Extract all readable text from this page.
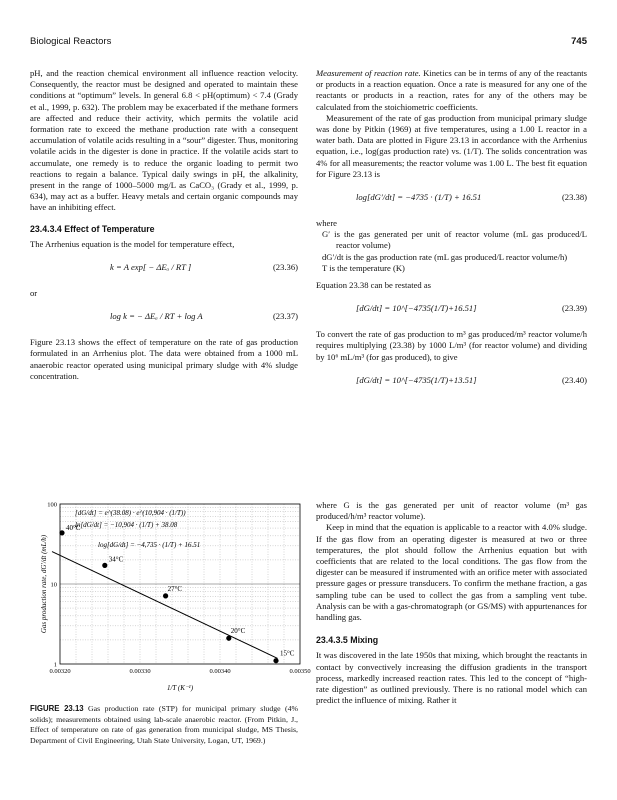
Biological Reactors	745

pH, and the reaction chemical environment all influence reaction velocity. Consequently, the reactor must be designed and operated to maintain these conditions at “optimum” levels. In general 6.8 < pH(optimum) < 7.4 (Grady et al., 1999, p. 632). The problem may be exacerbated if the methane formers are affected and reduce their activity, which permits the volatile acid formation rate to exceed the methane production rate with a consequent accumulation of volatile acids resulting in a “sour” digester. Thus, monitoring volatile acids in the digester is done in practice. If the volatile acids start to accumulate, one remedy is to reduce the organic loading to permit two reactions to regain a balance. Typical daily swings in pH, the alkalinity, present in the range of 1000–5000 mg/L as CaCO₃ (Grady et al., 1999, p. 634), may act as a buffer. Heavy metals and certain organic compounds may have an inhibiting effect.

23.4.3.4 Effect of Temperature

The Arrhenius equation is the model for temperature effect,

k = A exp[ − ΔEₐ / RT ]	(23.36)

or

log k = − ΔEₐ / RT + log A	(23.37)

Figure 23.13 shows the effect of temperature on the rate of gas production formulated in an Arrhenius plot. The data were obtained from a 1000 mL anaerobic reactor operated using municipal primary sludge with 4% sludge concentration.

Measurement of reaction rate. Kinetics can be in terms of any of the reactants or products in a reaction equation. Once a rate is measured for any one of the reactants or products in a reaction, rates for any of the others may be calculated from the stoichiometric coefficients.

Measurement of the rate of gas production from municipal primary sludge was done by Pitkin (1969) at five temperatures, using a 1.00 L reactor in a water bath. Data are plotted in Figure 23.13 in accordance with the Arrhenius equation, i.e., log(gas production rate) vs. (1/T). The solids concentration was 4% for all measurements; the reactor volume was 1.00 L. The best fit equation for Figure 23.13 is

log[dG′/dt] = −4735 · (1/T) + 16.51	(23.38)

where

G′ is the gas generated per unit of reactor volume (mL gas produced/L reactor volume)

dG′/dt is the gas production rate (mL gas produced/L reactor volume/h)

T is the temperature (K)

Equation 23.38 can be restated as

[dG/dt] = 10^[−4735(1/T)+16.51]	(23.39)

To convert the rate of gas production to m³ gas produced/m³ reactor volume/h requires multiplying (23.38) by 1000 L/m³ (for reactor volume) and dividing by 10⁶ mL/m³ (for gas produced), to give

[dG/dt] = 10^[−4735(1/T)+13.51]	(23.40)

where G is the gas generated per unit of reactor volume (m³ gas produced/h/m³ reactor volume).

Keep in mind that the equation is applicable to a reactor with 4.0% sludge. If the gas flow from an operating digester is measured at two or three temperatures, the plot should follow the Arrhenius equation but with coefficients that are related to the local conditions. The gas flow from the digester can be measured if instrumented with an orifice meter with associated pressure gages or pressure transducers. To confirm the methane fraction, a gas sampling tube can be used to collect the gas from a sampling vent tube. Analysis can be with a gas-chromatograph (or GS/MS) with appurtenances for handling gas.

23.4.3.5 Mixing

It was discovered in the late 1950s that mixing, which brought the reactants in contact by convectively increasing the diffusion gradients in the transport process, markedly increased reaction rates. This led to the concept of “high-rate digestion” as outlined previously. There is no rational model which can predict the influence of mixing. Rather it

40°C
34°C
27°C
20°C
15°C
0.00320	0.00330	0.00340	0.00350
1
10
100
[dG/dt] = e^(38.08) · e^(10,904 · (1/T))
ln[dG/dt] = −10,904 · (1/T) + 38.08
log[dG/dt] = −4,735 · (1/T) + 16.51
1/T (K⁻¹)
Gas production rate, dG′/dt (mL/h)
FIGURE 23.13 Gas production rate (STP) for municipal primary sludge (4% solids); measurements obtained using lab-scale anaerobic reactor. (From Pitkin, J., Effect of temperature on rate of gas generation from municipal sludge, MS Thesis, Department of Civil Engineering, Utah State University, Logan, UT, 1969.)
